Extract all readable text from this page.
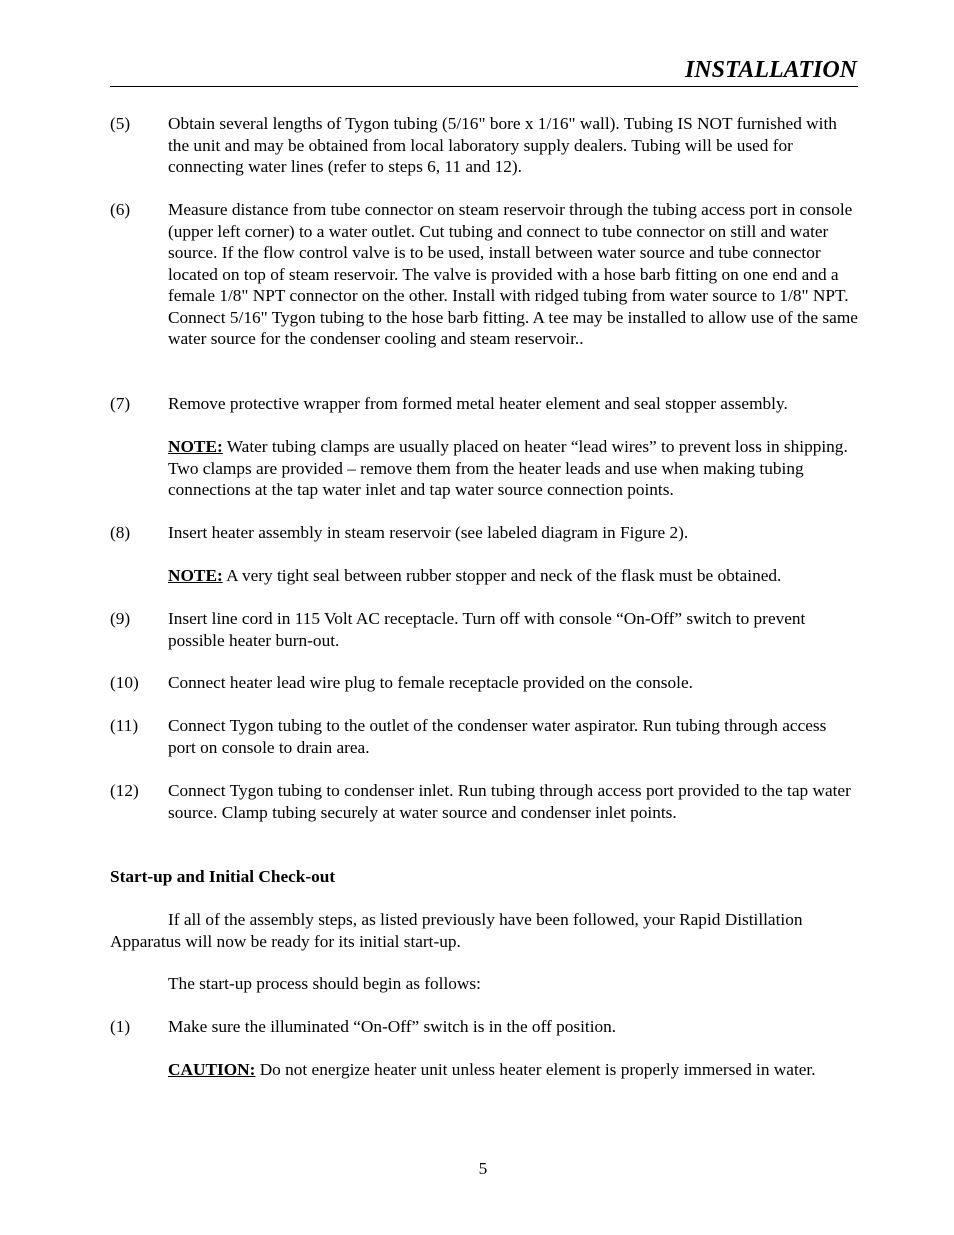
INSTALLATION
(5)	Obtain several lengths of Tygon tubing (5/16" bore x 1/16" wall). Tubing IS NOT furnished with the unit and may be obtained from local laboratory supply dealers. Tubing will be used for connecting water lines (refer to steps 6, 11 and 12).
(6)	Measure distance from tube connector on steam reservoir through the tubing access port in console (upper left corner) to a water outlet. Cut tubing and connect to tube connector on still and water source. If the flow control valve is to be used, install between water source and tube connector located on top of steam reservoir. The valve is provided with a hose barb fitting on one end and a female 1/8" NPT connector on the other. Install with ridged tubing from water source to 1/8" NPT. Connect 5/16" Tygon tubing to the hose barb fitting. A tee may be installed to allow use of the same water source for the condenser cooling and steam reservoir..
(7)	Remove protective wrapper from formed metal heater element and seal stopper assembly.
NOTE: Water tubing clamps are usually placed on heater “lead wires” to prevent loss in shipping. Two clamps are provided – remove them from the heater leads and use when making tubing connections at the tap water inlet and tap water source connection points.
(8)	Insert heater assembly in steam reservoir (see labeled diagram in Figure 2).
NOTE: A very tight seal between rubber stopper and neck of the flask must be obtained.
(9)	Insert line cord in 115 Volt AC receptacle. Turn off with console “On-Off” switch to prevent possible heater burn-out.
(10)	Connect heater lead wire plug to female receptacle provided on the console.
(11)	Connect Tygon tubing to the outlet of the condenser water aspirator. Run tubing through access port on console to drain area.
(12)	Connect Tygon tubing to condenser inlet. Run tubing through access port provided to the tap water source. Clamp tubing securely at water source and condenser inlet points.
Start-up and Initial Check-out
If all of the assembly steps, as listed previously have been followed, your Rapid Distillation Apparatus will now be ready for its initial start-up.
The start-up process should begin as follows:
(1)	Make sure the illuminated “On-Off” switch is in the off position.
CAUTION: Do not energize heater unit unless heater element is properly immersed in water.
5
